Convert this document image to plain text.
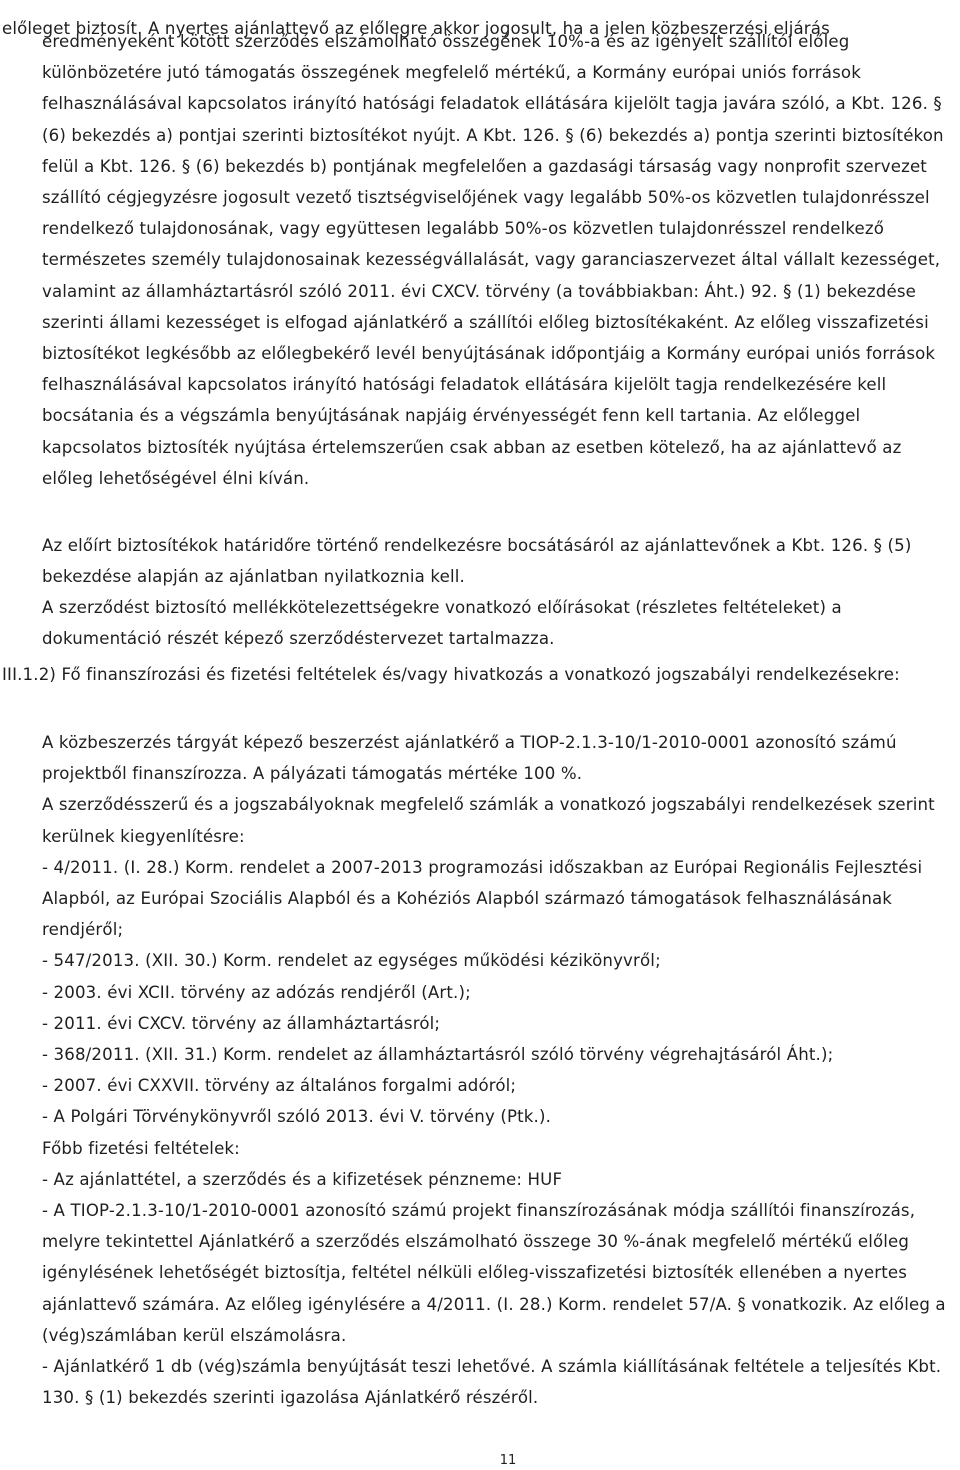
előleget biztosít. A nyertes ajánlattevő az előlegre akkor jogosult, ha a jelen közbeszerzési eljárás

eredményeként kötött szerződés elszámolható összegének 10%-a és az igényelt szállítói előleg különbözetére jutó támogatás összegének megfelelő mértékű, a Kormány európai uniós források felhasználásával kapcsolatos irányító hatósági feladatok ellátására kijelölt tagja javára szóló, a Kbt. 126. § (6) bekezdés a) pontjai szerinti biztosítékot nyújt. A Kbt. 126. § (6) bekezdés a) pontja szerinti biztosítékon felül a Kbt. 126. § (6) bekezdés b) pontjának megfelelően a gazdasági társaság vagy nonprofit szervezet szállító cégjegyzésre jogosult vezető tisztségviselőjének vagy legalább 50%-os közvetlen tulajdonrésszel rendelkező tulajdonosának, vagy együttesen legalább 50%-os közvetlen tulajdonrésszel rendelkező természetes személy tulajdonosainak kezességvállalását, vagy garanciaszervezet által vállalt kezességet, valamint az államháztartásról szóló 2011. évi CXCV. törvény (a továbbiakban: Áht.) 92. § (1) bekezdése szerinti állami kezességet is elfogad ajánlatkérő a szállítói előleg biztosítékaként. Az előleg visszafizetési biztosítékot legkésőbb az előlegbekérő levél benyújtásának időpontjáig a Kormány európai uniós források felhasználásával kapcsolatos irányító hatósági feladatok ellátására kijelölt tagja rendelkezésére kell bocsátania és a végszámla benyújtásának napjáig érvényességét fenn kell tartania. Az előleggel kapcsolatos biztosíték nyújtása értelemszerűen csak abban az esetben kötelező, ha az ajánlattevő az előleg lehetőségével élni kíván.

Az előírt biztosítékok határidőre történő rendelkezésre bocsátásáról az ajánlattevőnek a Kbt. 126. § (5) bekezdése alapján az ajánlatban nyilatkoznia kell.

A szerződést biztosító mellékkötelezettségekre vonatkozó előírásokat (részletes feltételeket) a dokumentáció részét képező szerződéstervezet tartalmazza.

III.1.2) Fő finanszírozási és fizetési feltételek és/vagy hivatkozás a vonatkozó jogszabályi rendelkezésekre:

A közbeszerzés tárgyát képező beszerzést ajánlatkérő a TIOP-2.1.3-10/1-2010-0001 azonosító számú projektből finanszírozza. A pályázati támogatás mértéke 100 %.

A szerződésszerű és a jogszabályoknak megfelelő számlák a vonatkozó jogszabályi rendelkezések szerint kerülnek kiegyenlítésre:

- 4/2011. (I. 28.) Korm. rendelet a 2007-2013 programozási időszakban az Európai Regionális Fejlesztési Alapból, az Európai Szociális Alapból és a Kohéziós Alapból származó támogatások felhasználásának rendjéről;

- 547/2013. (XII. 30.) Korm. rendelet az egységes működési kézikönyvről;

- 2003. évi XCII. törvény az adózás rendjéről (Art.);

- 2011. évi CXCV. törvény az államháztartásról;

- 368/2011. (XII. 31.) Korm. rendelet az államháztartásról szóló törvény végrehajtásáról Áht.);

- 2007. évi CXXVII. törvény az általános forgalmi adóról;

- A Polgári Törvénykönyvről szóló 2013. évi V. törvény (Ptk.).

Főbb fizetési feltételek:

- Az ajánlattétel, a szerződés és a kifizetések pénzneme: HUF

- A TIOP-2.1.3-10/1-2010-0001 azonosító számú projekt finanszírozásának módja szállítói finanszírozás, melyre tekintettel Ajánlatkérő a szerződés elszámolható összege 30 %-ának megfelelő mértékű előleg igénylésének lehetőségét biztosítja, feltétel nélküli előleg-visszafizetési biztosíték ellenében a nyertes ajánlattevő számára. Az előleg igénylésére a 4/2011. (I. 28.) Korm. rendelet 57/A. § vonatkozik. Az előleg a (vég)számlában kerül elszámolásra.

- Ajánlatkérő 1 db (vég)számla benyújtását teszi lehetővé. A számla kiállításának feltétele a teljesítés Kbt. 130. § (1) bekezdés szerinti igazolása Ajánlatkérő részéről.

11
